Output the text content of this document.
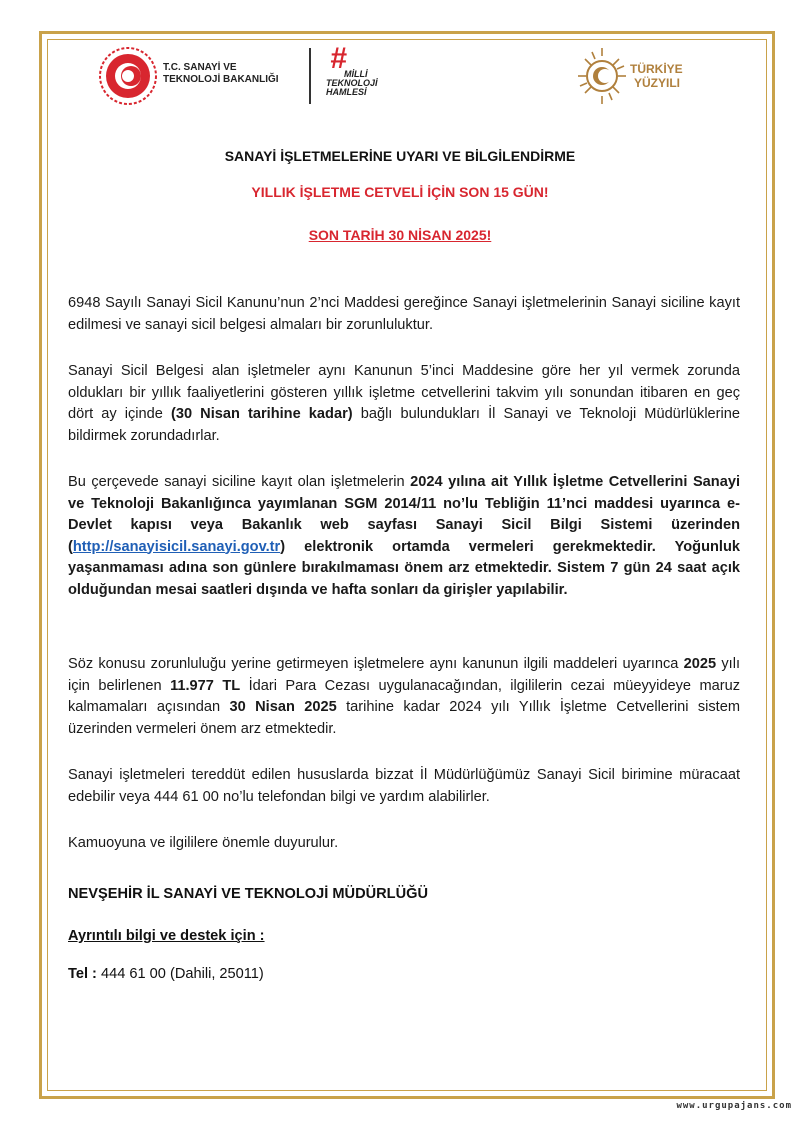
T.C. SANAYİ VE
TEKNOLOJİ BAKANLIĞI
#
MİLLİ
TEKNOLOJİ
HAMLESİ
TÜRKİYE
YÜZYILI
SANAYİ İŞLETMELERİNE UYARI VE BİLGİLENDİRME
YILLIK İŞLETME CETVELİ İÇİN SON 15 GÜN!
SON TARİH 30 NİSAN 2025!
6948 Sayılı Sanayi Sicil Kanunu’nun 2’nci Maddesi gereğince Sanayi işletmelerinin Sanayi siciline kayıt edilmesi ve sanayi sicil belgesi almaları bir zorunluluktur.
Sanayi Sicil Belgesi alan işletmeler aynı Kanunun 5’inci Maddesine göre her yıl vermek zorunda oldukları bir yıllık faaliyetlerini gösteren yıllık işletme cetvellerini takvim yılı sonundan itibaren en geç dört ay içinde (30 Nisan tarihine kadar) bağlı bulundukları İl Sanayi ve Teknoloji Müdürlüklerine bildirmek zorundadırlar.
Bu çerçevede sanayi siciline kayıt olan işletmelerin 2024 yılına ait Yıllık İşletme Cetvellerini Sanayi ve Teknoloji Bakanlığınca yayımlanan SGM 2014/11 no’lu Tebliğin 11’nci maddesi uyarınca e- Devlet kapısı veya Bakanlık web sayfası Sanayi Sicil Bilgi Sistemi üzerinden (http://sanayisicil.sanayi.gov.tr) elektronik ortamda vermeleri gerekmektedir. Yoğunluk yaşanmaması adına son günlere bırakılmaması önem arz etmektedir. Sistem 7 gün 24 saat açık olduğundan mesai saatleri dışında ve hafta sonları da girişler yapılabilir.
Söz konusu zorunluluğu yerine getirmeyen işletmelere aynı kanunun ilgili maddeleri uyarınca 2025 yılı için belirlenen 11.977 TL İdari Para Cezası uygulanacağından, ilgililerin cezai müeyyideye maruz kalmamaları açısından 30 Nisan 2025 tarihine kadar 2024 yılı Yıllık İşletme Cetvellerini sistem üzerinden vermeleri önem arz etmektedir.
Sanayi işletmeleri tereddüt edilen hususlarda bizzat İl Müdürlüğümüz Sanayi Sicil birimine müracaat edebilir veya 444 61 00 no’lu telefondan bilgi ve yardım alabilirler.
Kamuoyuna ve ilgililere önemle duyurulur.
NEVŞEHİR İL SANAYİ VE TEKNOLOJİ MÜDÜRLÜĞÜ
Ayrıntılı bilgi ve destek için :
Tel : 444 61 00 (Dahili, 25011)
www.urgupajans.com
